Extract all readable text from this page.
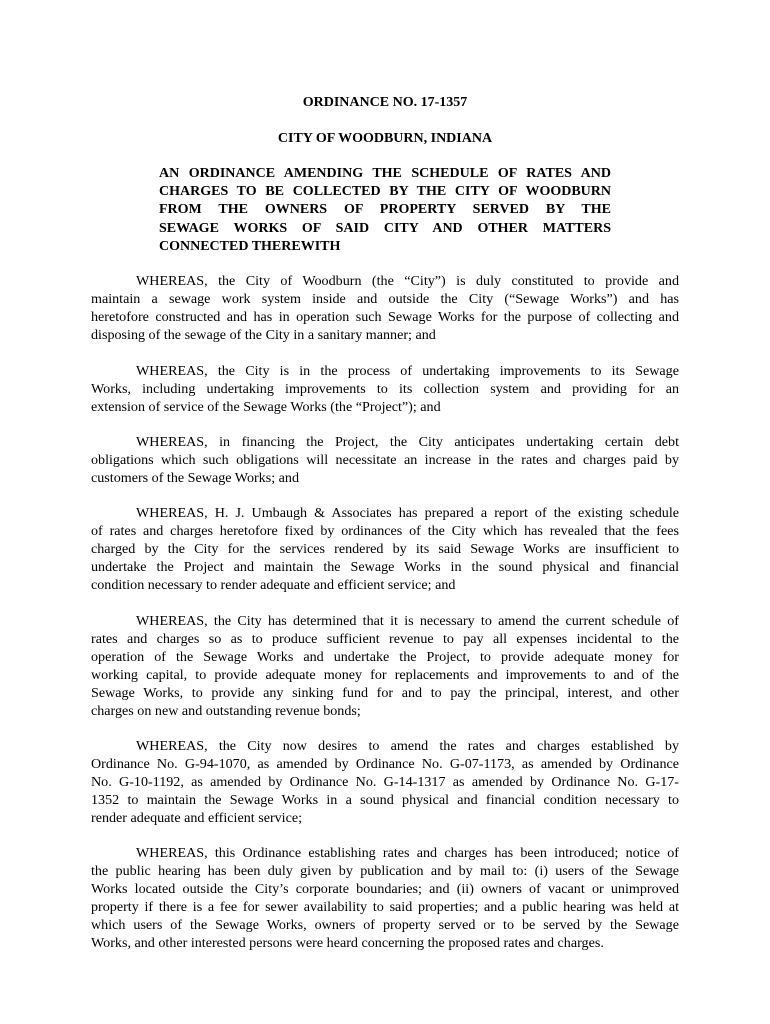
ORDINANCE NO. 17-1357
CITY OF WOODBURN, INDIANA
AN ORDINANCE AMENDING THE SCHEDULE OF RATES AND
CHARGES TO BE COLLECTED BY THE CITY OF WOODBURN
FROM THE OWNERS OF PROPERTY SERVED BY THE
SEWAGE WORKS OF SAID CITY AND OTHER MATTERS
CONNECTED THEREWITH
WHEREAS, the City of Woodburn (the “City”) is duly constituted to provide and
maintain a sewage work system inside and outside the City (“Sewage Works”) and has
heretofore constructed and has in operation such Sewage Works for the purpose of collecting and
disposing of the sewage of the City in a sanitary manner; and
WHEREAS, the City is in the process of undertaking improvements to its Sewage
Works, including undertaking improvements to its collection system and providing for an
extension of service of the Sewage Works (the “Project”); and
WHEREAS, in financing the Project, the City anticipates undertaking certain debt
obligations which such obligations will necessitate an increase in the rates and charges paid by
customers of the Sewage Works; and
WHEREAS, H. J. Umbaugh & Associates has prepared a report of the existing schedule
of rates and charges heretofore fixed by ordinances of the City which has revealed that the fees
charged by the City for the services rendered by its said Sewage Works are insufficient to
undertake the Project and maintain the Sewage Works in the sound physical and financial
condition necessary to render adequate and efficient service; and
WHEREAS, the City has determined that it is necessary to amend the current schedule of
rates and charges so as to produce sufficient revenue to pay all expenses incidental to the
operation of the Sewage Works and undertake the Project, to provide adequate money for
working capital, to provide adequate money for replacements and improvements to and of the
Sewage Works, to provide any sinking fund for and to pay the principal, interest, and other
charges on new and outstanding revenue bonds;
WHEREAS, the City now desires to amend the rates and charges established by
Ordinance No. G-94-1070, as amended by Ordinance No. G-07-1173, as amended by Ordinance
No. G-10-1192, as amended by Ordinance No. G-14-1317 as amended by Ordinance No. G-17-
1352 to maintain the Sewage Works in a sound physical and financial condition necessary to
render adequate and efficient service;
WHEREAS, this Ordinance establishing rates and charges has been introduced; notice of
the public hearing has been duly given by publication and by mail to: (i) users of the Sewage
Works located outside the City’s corporate boundaries; and (ii) owners of vacant or unimproved
property if there is a fee for sewer availability to said properties; and a public hearing was held at
which users of the Sewage Works, owners of property served or to be served by the Sewage
Works, and other interested persons were heard concerning the proposed rates and charges.
